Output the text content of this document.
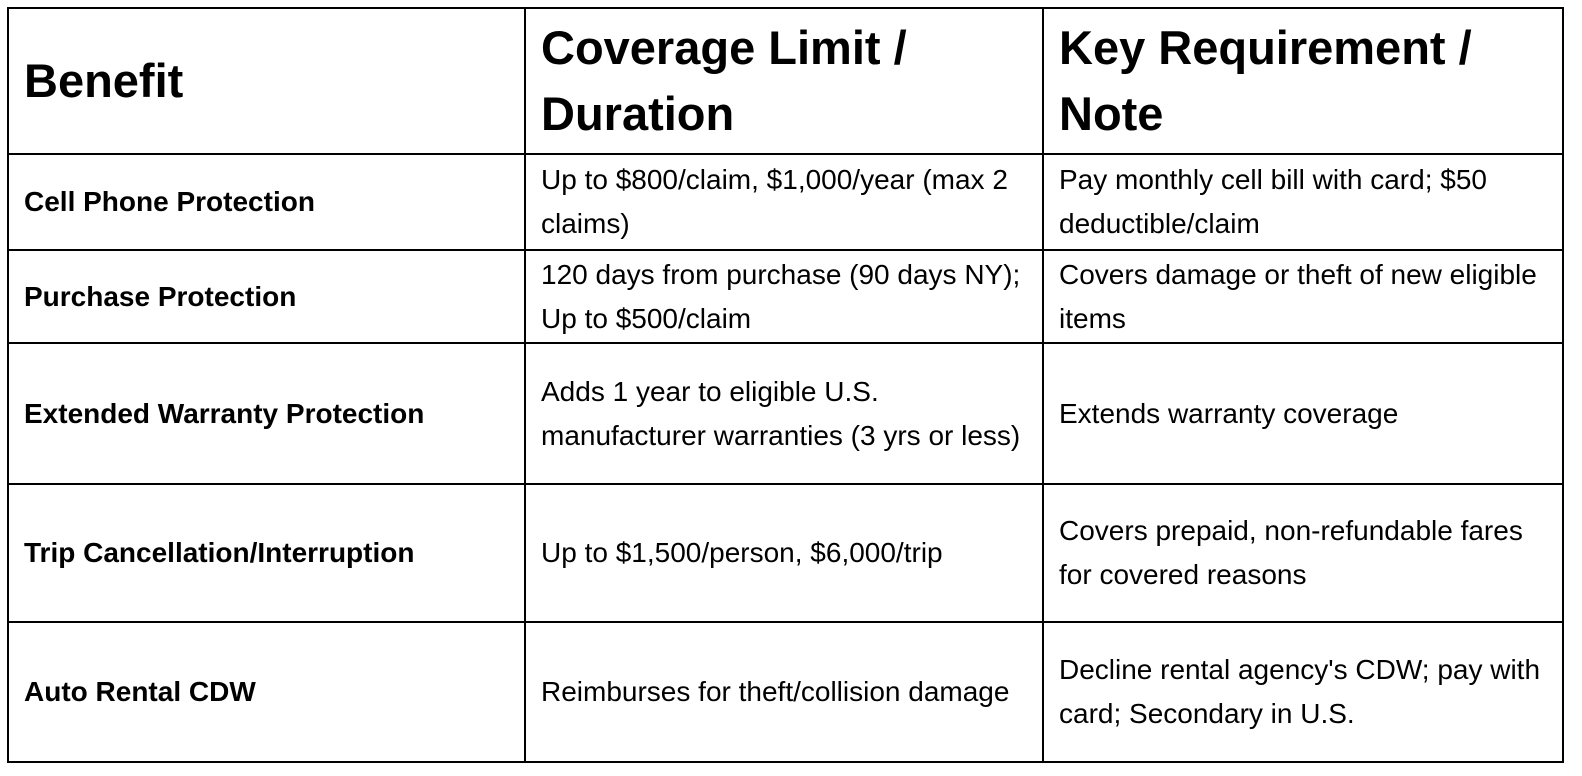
Benefit	Coverage Limit / Duration	Key Requirement / Note
Cell Phone Protection	Up to $800/claim, $1,000/year (max 2 claims)	Pay monthly cell bill with card; $50 deductible/claim
Purchase Protection	120 days from purchase (90 days NY); Up to $500/claim	Covers damage or theft of new eligible items
Extended Warranty Protection	Adds 1 year to eligible U.S. manufacturer warranties (3 yrs or less)	Extends warranty coverage
Trip Cancellation/Interruption	Up to $1,500/person, $6,000/trip	Covers prepaid, non-refundable fares for covered reasons
Auto Rental CDW	Reimburses for theft/collision damage	Decline rental agency's CDW; pay with card; Secondary in U.S.
